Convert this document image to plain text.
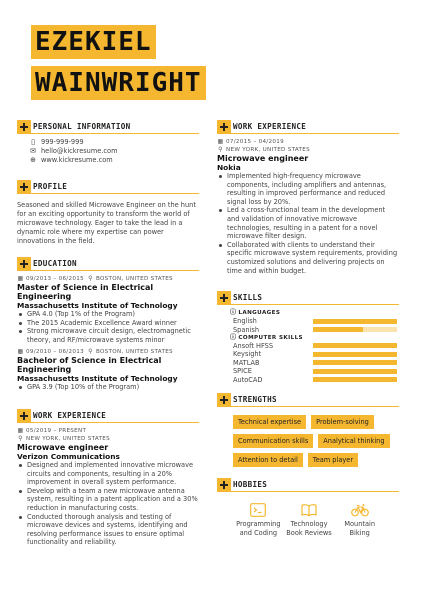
EZEKIEL
WAINWRIGHT
PERSONAL INFORMATION
▯ 999-999-999
✉ hello@kickresume.com
⊕ www.kickresume.com
PROFILE

Seasoned and skilled Microwave Engineer on the hunt for an exciting opportunity to transform the world of microwave technology. Eager to take the lead in a dynamic role where my expertise can power innovations in the field.

EDUCATION
▦ 09/2013 – 06/2015 ⚲ BOSTON, UNITED STATES
Master of Science in Electrical
Engineering
Massachusetts Institute of Technology
GPA 4.0 (Top 1% of the Program)
The 2015 Academic Excellence Award winner
Strong microwave circuit design, electromagnetic theory, and RF/microwave systems minor
▦ 09/2010 – 06/2013 ⚲ BOSTON, UNITED STATES
Bachelor of Science in Electrical
Engineering
Massachusetts Institute of Technology
GPA 3.9 (Top 10% of the Program)
WORK EXPERIENCE
▦ 05/2019 – PRESENT
⚲ NEW YORK, UNITED STATES
Microwave engineer
Verizon Communications
Designed and implemented innovative microwave circuits and components, resulting in a 20% improvement in overall system performance.
Develop with a team a new microwave antenna system, resulting in a patent application and a 30% reduction in manufacturing costs.
Conducted thorough analysis and testing of microwave devices and systems, identifying and resolving performance issues to ensure optimal functionality and reliability.
WORK EXPERIENCE
▦ 07/2015 – 04/2019
⚲ NEW YORK, UNITED STATES
Microwave engineer
Nokia
Implemented high-frequency microwave components, including amplifiers and antennas, resulting in improved performance and reduced signal loss by 20%.
Led a cross-functional team in the development and validation of innovative microwave technologies, resulting in a patent for a novel microwave filter design.
Collaborated with clients to understand their specific microwave system requirements, providing customized solutions and delivering projects on time and within budget.
SKILLS
ⓘ LANGUAGES
English
Spanish
ⓘ COMPUTER SKILLS
Ansoft HFSS
Keysight
MATLAB
SPICE
AutoCAD
STRENGTHS
Technical expertise	Problem-solving
Communication skills	Analytical thinking
Attention to detail	Team player
HOBBIES
Programming
and Coding
Technology
Book Reviews
Mountain
Biking
